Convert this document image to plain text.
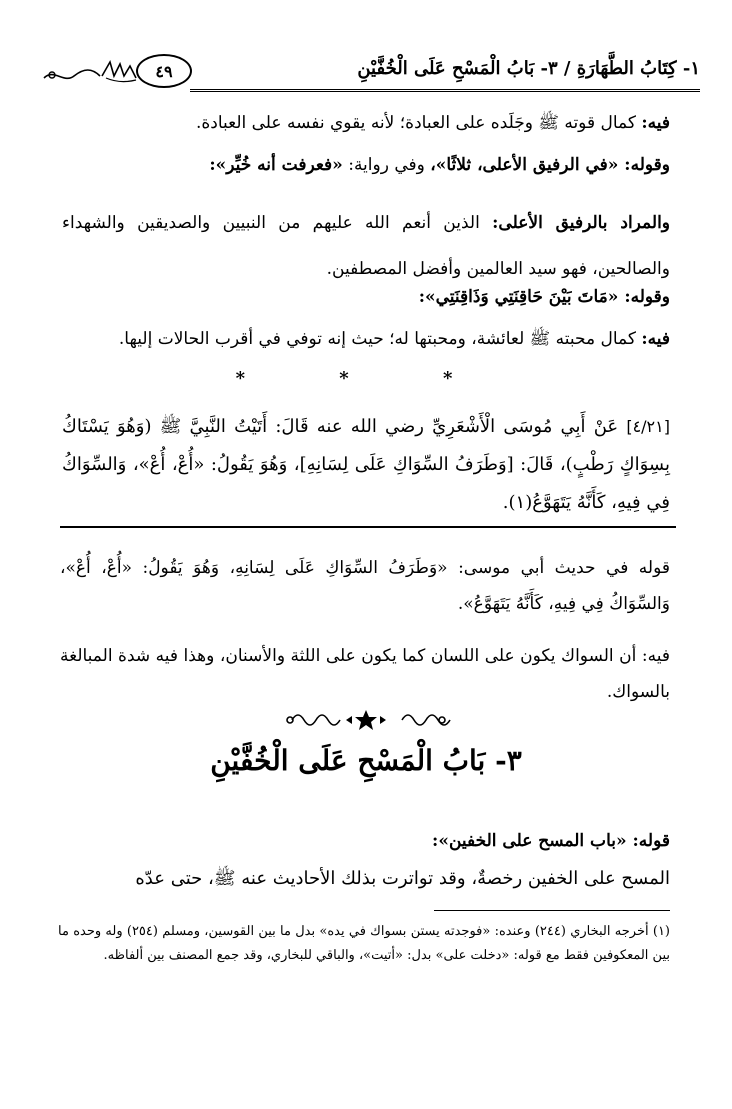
١- كِتَابُ الطَّهَارَةِ / ٣- بَابُ الْمَسْحِ عَلَى الْخُفَّيْنِ
٤٩

فيه: كمال قوته ﷺ وجَلَده على العبادة؛ لأنه يقوي نفسه على العبادة.

وقوله: «في الرفيق الأعلى، ثلاثًا»، وفي رواية: «فعرفت أنه خُيِّر»:

والمراد بالرفيق الأعلى: الذين أنعم الله عليهم من النبيين والصديقين والشهداء والصالحين، فهو سيد العالمين وأفضل المصطفين.

وقوله: «مَاتَ بَيْنَ حَاقِنَتِي وَذَاقِنَتِي»:

فيه: كمال محبته ﷺ لعائشة، ومحبتها له؛ حيث إنه توفي في أقرب الحالات إليها.

* * *

[٤/٢١] عَنْ أَبِي مُوسَى الْأَشْعَرِيِّ رضي الله عنه قَالَ: أَتَيْتُ النَّبِيَّ ﷺ (وَهُوَ يَسْتَاكُ بِسِوَاكٍ رَطْبٍ)، قَالَ: [وَطَرَفُ السِّوَاكِ عَلَى لِسَانِهِ]، وَهُوَ يَقُولُ: «أُعْ، أُعْ»، وَالسِّوَاكُ فِي فِيهِ، كَأَنَّهُ يَتَهَوَّعُ(١).

قوله في حديث أبي موسى: «وَطَرَفُ السِّوَاكِ عَلَى لِسَانِهِ، وَهُوَ يَقُولُ: «أُعْ، أُعْ»، وَالسِّوَاكُ فِي فِيهِ، كَأَنَّهُ يَتَهَوَّعُ».

فيه: أن السواك يكون على اللسان كما يكون على اللثة والأسنان، وهذا فيه شدة المبالغة بالسواك.

٣- بَابُ الْمَسْحِ عَلَى الْخُفَّيْنِ

قوله: «باب المسح على الخفين»:

المسح على الخفين رخصةٌ، وقد تواترت بذلك الأحاديث عنه ﷺ، حتى عدّه

(١) أخرجه البخاري (٢٤٤) وعنده: «فوجدته يستن بسواك في يده» بدل ما بين القوسين، ومسلم (٢٥٤) وله وحده ما بين المعكوفين فقط مع قوله: «دخلت على» بدل: «أتيت»، والباقي للبخاري، وقد جمع المصنف بين ألفاظه.
